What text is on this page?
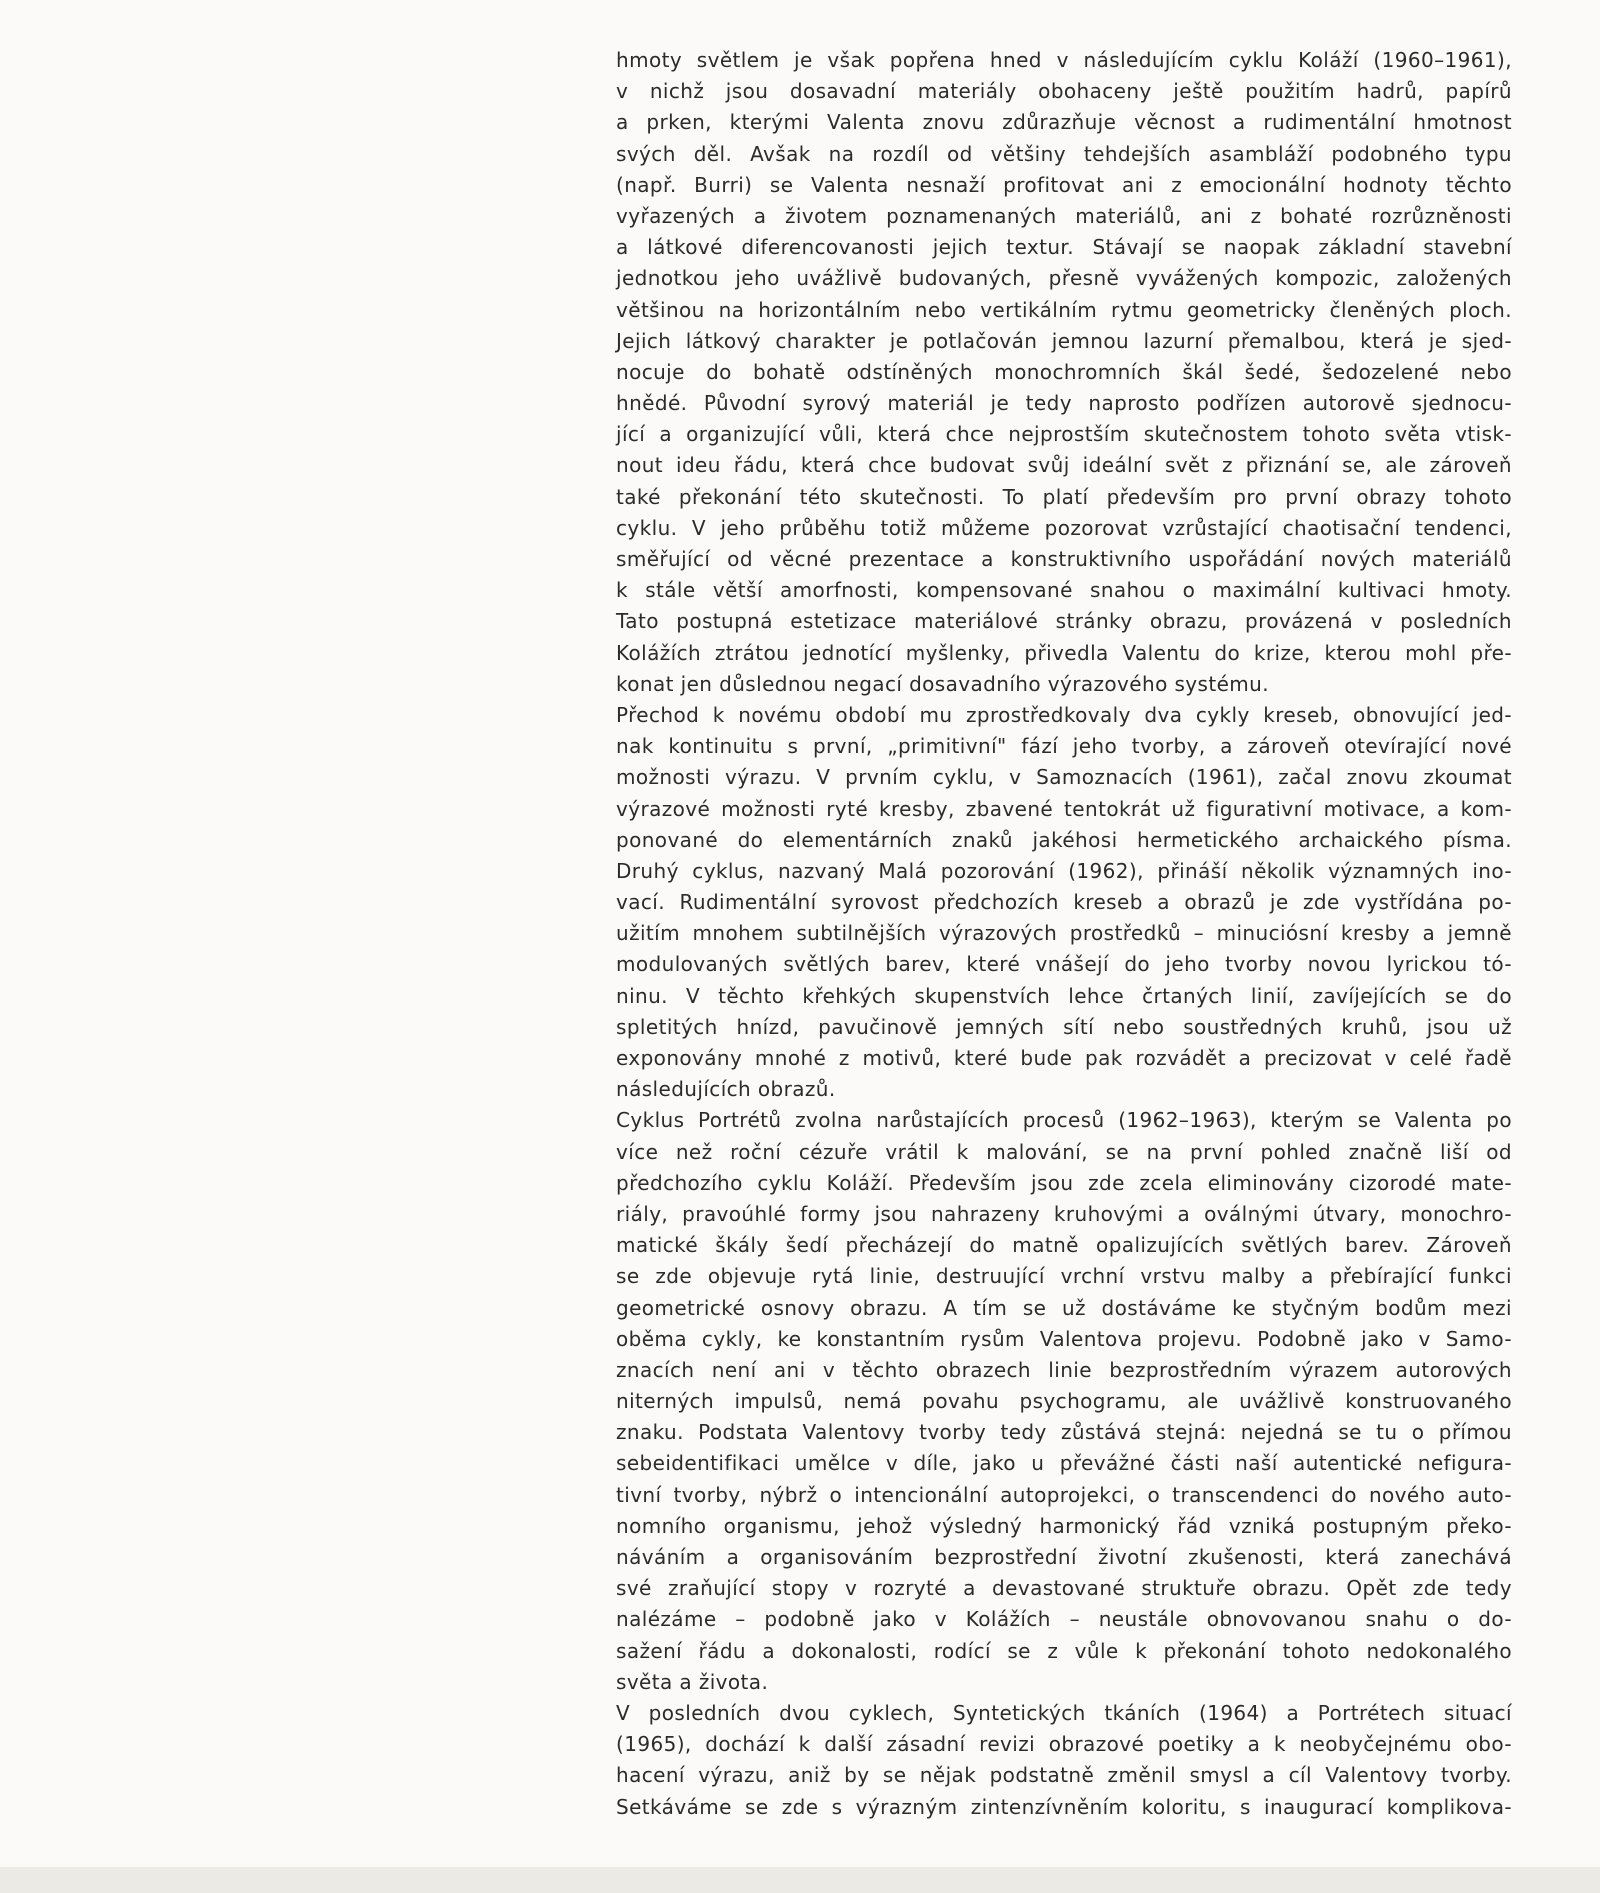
hmoty světlem je však popřena hned v následujícím cyklu Koláží (1960–1961),
v nichž jsou dosavadní materiály obohaceny ještě použitím hadrů, papírů
a prken, kterými Valenta znovu zdůrazňuje věcnost a rudimentální hmotnost
svých děl. Avšak na rozdíl od většiny tehdejších asambláží podobného typu
(např. Burri) se Valenta nesnaží profitovat ani z emocionální hodnoty těchto
vyřazených a životem poznamenaných materiálů, ani z bohaté rozrůzněnosti
a látkové diferencovanosti jejich textur. Stávají se naopak základní stavební
jednotkou jeho uvážlivě budovaných, přesně vyvážených kompozic, založených
většinou na horizontálním nebo vertikálním rytmu geometricky členěných ploch.
Jejich látkový charakter je potlačován jemnou lazurní přemalbou, která je sjed-
nocuje do bohatě odstíněných monochromních škál šedé, šedozelené nebo
hnědé. Původní syrový materiál je tedy naprosto podřízen autorově sjednocu-
jící a organizující vůli, která chce nejprostším skutečnostem tohoto světa vtisk-
nout ideu řádu, která chce budovat svůj ideální svět z přiznání se, ale zároveň
také překonání této skutečnosti. To platí především pro první obrazy tohoto
cyklu. V jeho průběhu totiž můžeme pozorovat vzrůstající chaotisační tendenci,
směřující od věcné prezentace a konstruktivního uspořádání nových materiálů
k stále větší amorfnosti, kompensované snahou o maximální kultivaci hmoty.
Tato postupná estetizace materiálové stránky obrazu, provázená v posledních
Kolážích ztrátou jednotící myšlenky, přivedla Valentu do krize, kterou mohl pře-
konat jen důslednou negací dosavadního výrazového systému.
Přechod k novému období mu zprostředkovaly dva cykly kreseb, obnovující jed-
nak kontinuitu s první, „primitivní" fází jeho tvorby, a zároveň otevírající nové
možnosti výrazu. V prvním cyklu, v Samoznacích (1961), začal znovu zkoumat
výrazové možnosti ryté kresby, zbavené tentokrát už figurativní motivace, a kom-
ponované do elementárních znaků jakéhosi hermetického archaického písma.
Druhý cyklus, nazvaný Malá pozorování (1962), přináší několik významných ino-
vací. Rudimentální syrovost předchozích kreseb a obrazů je zde vystřídána po-
užitím mnohem subtilnějších výrazových prostředků – minuciósní kresby a jemně
modulovaných světlých barev, které vnášejí do jeho tvorby novou lyrickou tó-
ninu. V těchto křehkých skupenstvích lehce črtaných linií, zavíjejících se do
spletitých hnízd, pavučinově jemných sítí nebo soustředných kruhů, jsou už
exponovány mnohé z motivů, které bude pak rozvádět a precizovat v celé řadě
následujících obrazů.
Cyklus Portrétů zvolna narůstajících procesů (1962–1963), kterým se Valenta po
více než roční cézuře vrátil k malování, se na první pohled značně liší od
předchozího cyklu Koláží. Především jsou zde zcela eliminovány cizorodé mate-
riály, pravoúhlé formy jsou nahrazeny kruhovými a oválnými útvary, monochro-
matické škály šedí přecházejí do matně opalizujících světlých barev. Zároveň
se zde objevuje rytá linie, destruující vrchní vrstvu malby a přebírající funkci
geometrické osnovy obrazu. A tím se už dostáváme ke styčným bodům mezi
oběma cykly, ke konstantním rysům Valentova projevu. Podobně jako v Samo-
znacích není ani v těchto obrazech linie bezprostředním výrazem autorových
niterných impulsů, nemá povahu psychogramu, ale uvážlivě konstruovaného
znaku. Podstata Valentovy tvorby tedy zůstává stejná: nejedná se tu o přímou
sebeidentifikaci umělce v díle, jako u převážné části naší autentické nefigura-
tivní tvorby, nýbrž o intencionální autoprojekci, o transcendenci do nového auto-
nomního organismu, jehož výsledný harmonický řád vzniká postupným překo-
náváním a organisováním bezprostřední životní zkušenosti, která zanechává
své zraňující stopy v rozryté a devastované struktuře obrazu. Opět zde tedy
nalézáme – podobně jako v Kolážích – neustále obnovovanou snahu o do-
sažení řádu a dokonalosti, rodící se z vůle k překonání tohoto nedokonalého
světa a života.
V posledních dvou cyklech, Syntetických tkáních (1964) a Portrétech situací
(1965), dochází k další zásadní revizi obrazové poetiky a k neobyčejnému obo-
hacení výrazu, aniž by se nějak podstatně změnil smysl a cíl Valentovy tvorby.
Setkáváme se zde s výrazným zintenzívněním koloritu, s inaugurací komplikova-
